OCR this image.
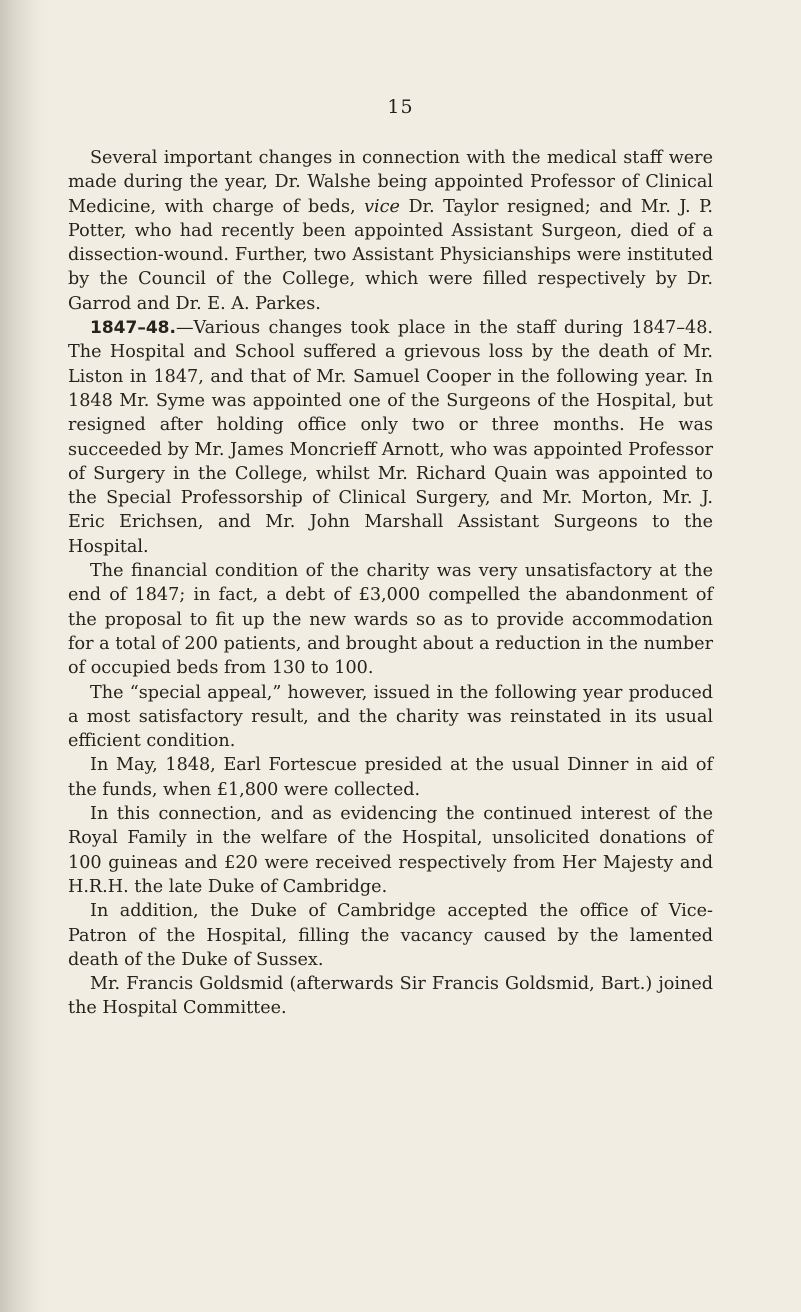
15

Several important changes in connection with the medical staff were made during the year, Dr. Walshe being appointed Professor of Clinical Medicine, with charge of beds, vice Dr. Taylor resigned; and Mr. J. P. Potter, who had recently been appointed Assistant Surgeon, died of a dissection-wound. Further, two Assistant Physicianships were instituted by the Council of the College, which were filled respectively by Dr. Garrod and Dr. E. A. Parkes.

1847–48.—Various changes took place in the staff during 1847–48. The Hospital and School suffered a grievous loss by the death of Mr. Liston in 1847, and that of Mr. Samuel Cooper in the following year. In 1848 Mr. Syme was appointed one of the Surgeons of the Hospital, but resigned after holding office only two or three months. He was succeeded by Mr. James Moncrieff Arnott, who was appointed Professor of Surgery in the College, whilst Mr. Richard Quain was appointed to the Special Professorship of Clinical Surgery, and Mr. Morton, Mr. J. Eric Erichsen, and Mr. John Marshall Assistant Surgeons to the Hospital.

The financial condition of the charity was very unsatisfactory at the end of 1847; in fact, a debt of £3,000 compelled the abandonment of the proposal to fit up the new wards so as to provide accommodation for a total of 200 patients, and brought about a reduction in the number of occupied beds from 130 to 100.

The “special appeal,” however, issued in the following year produced a most satisfactory result, and the charity was reinstated in its usual efficient condition.

In May, 1848, Earl Fortescue presided at the usual Dinner in aid of the funds, when £1,800 were collected.

In this connection, and as evidencing the continued interest of the Royal Family in the welfare of the Hospital, unsolicited donations of 100 guineas and £20 were received respectively from Her Majesty and H.R.H. the late Duke of Cambridge.

In addition, the Duke of Cambridge accepted the office of Vice-Patron of the Hospital, filling the vacancy caused by the lamented death of the Duke of Sussex.

Mr. Francis Goldsmid (afterwards Sir Francis Goldsmid, Bart.) joined the Hospital Committee.
